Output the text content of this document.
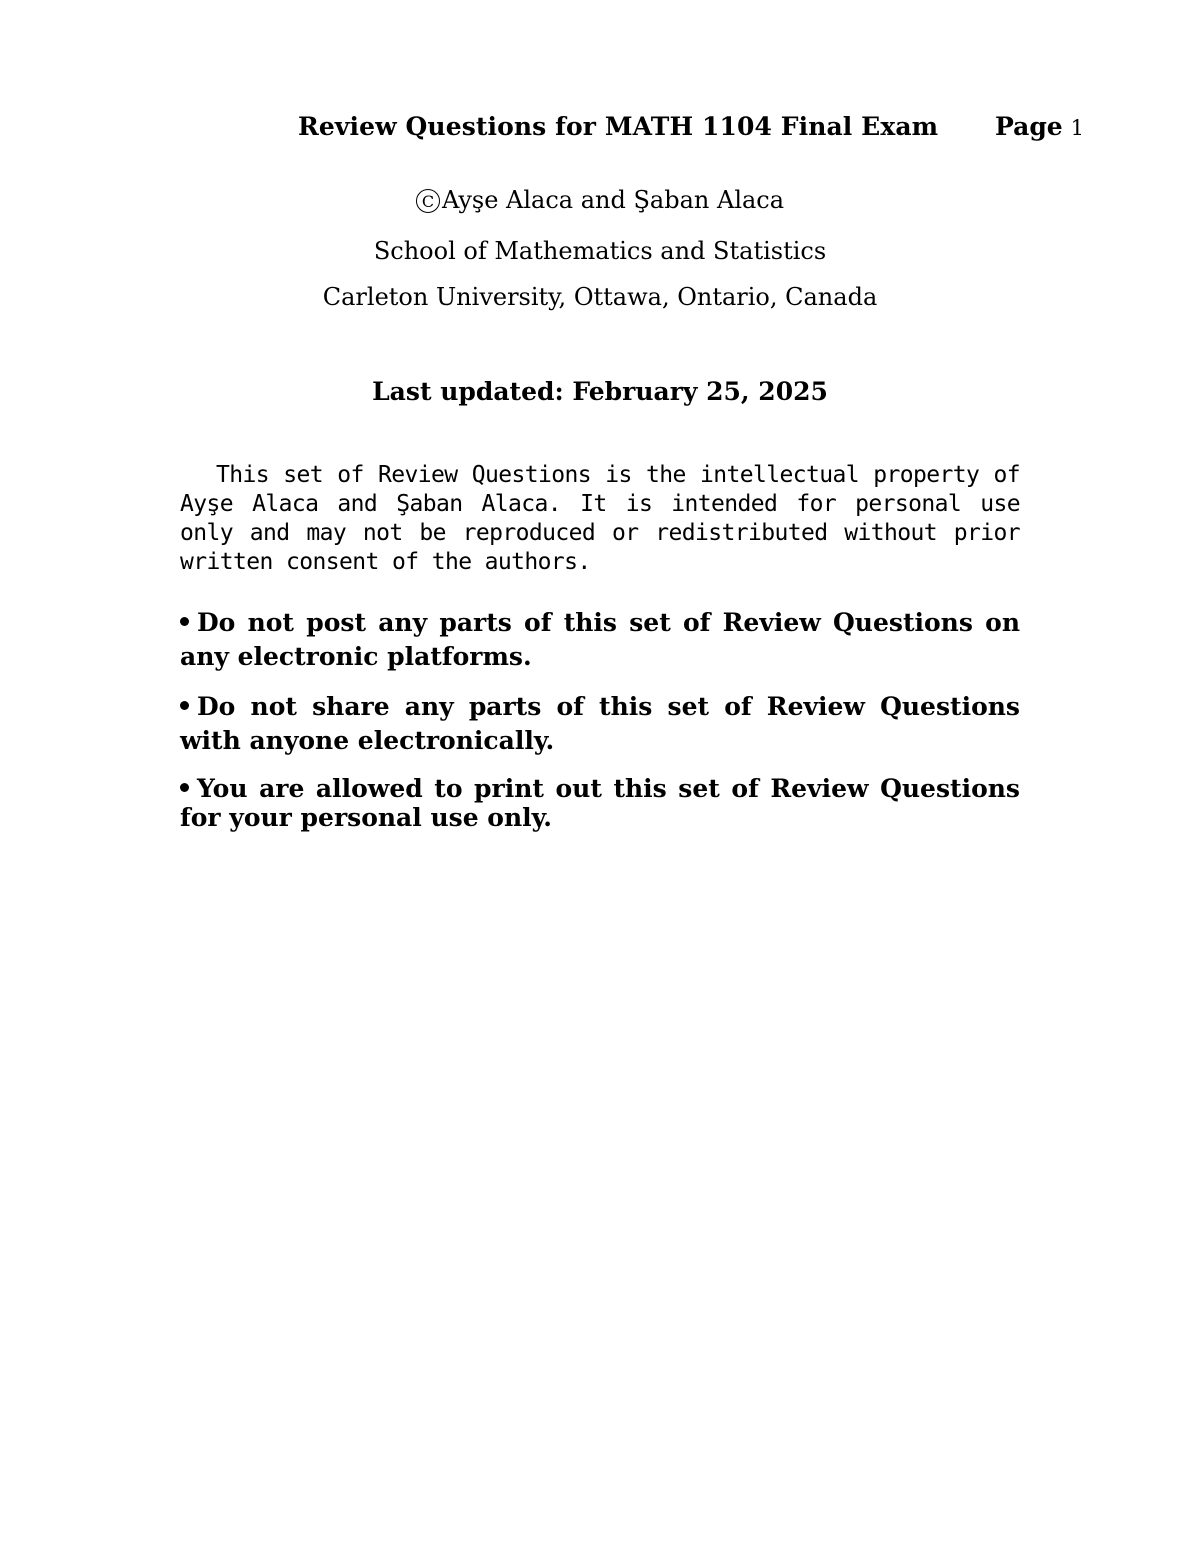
Review Questions for MATH 1104 Final Exam Page 1
C Ayşe Alaca and Şaban Alaca
School of Mathematics and Statistics
Carleton University, Ottawa, Ontario, Canada
Last updated: February 25, 2025

This set of Review Questions is the intellectual property of Ayşe Alaca and Şaban Alaca. It is intended for personal use only and may not be reproduced or redistributed without prior written consent of the authors.

Do not post any parts of this set of Review Questions on any electronic platforms.

Do not share any parts of this set of Review Questions with anyone electronically.

You are allowed to print out this set of Review Questions for your personal use only.
